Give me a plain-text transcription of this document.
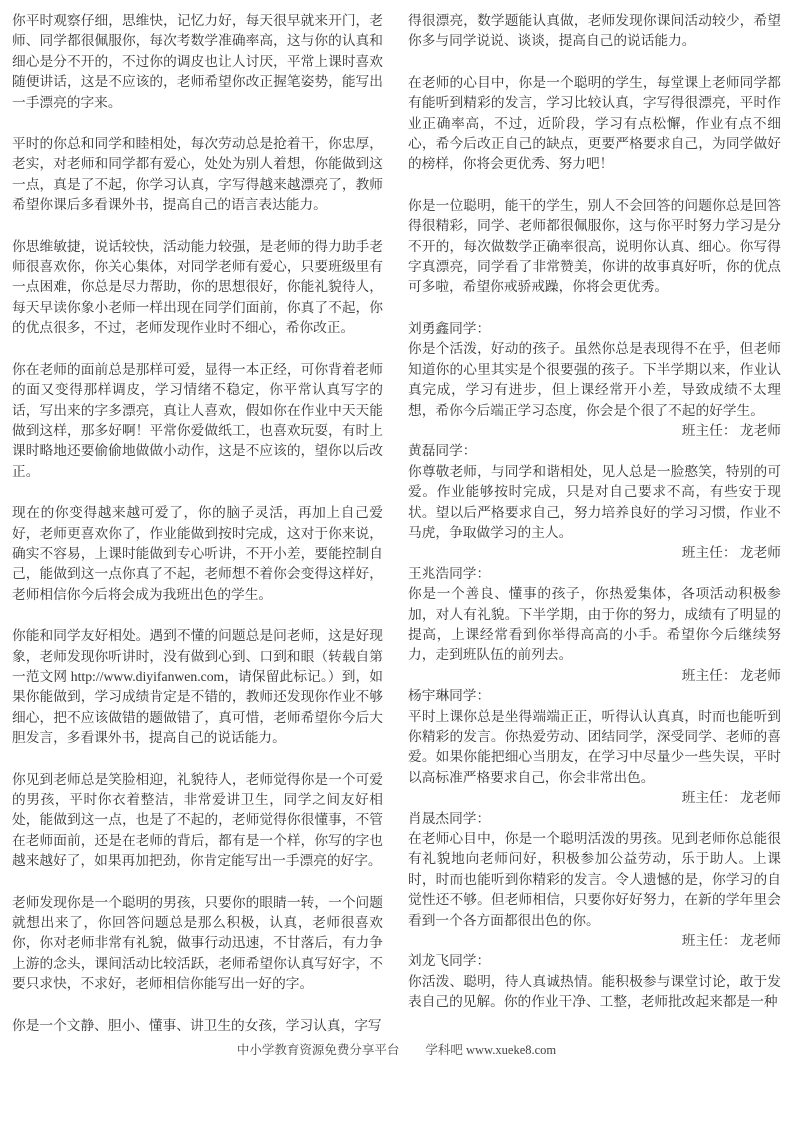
你平时观察仔细，思维快，记忆力好，每天很早就来开门，老师、同学都很佩服你，每次考数学准确率高，这与你的认真和细心是分不开的，不过你的调皮也让人讨厌，平常上课时喜欢随便讲话，这是不应该的，老师希望你改正握笔姿势，能写出一手漂亮的字来。

平时的你总和同学和睦相处，每次劳动总是抢着干，你忠厚，老实，对老师和同学都有爱心，处处为别人着想，你能做到这一点，真是了不起，你学习认真，字写得越来越漂亮了，教师希望你课后多看课外书，提高自己的语言表达能力。

你思维敏捷，说话较快，活动能力较强，是老师的得力助手老师很喜欢你，你关心集体，对同学老师有爱心，只要班级里有一点困难，你总是尽力帮助，你的思想很好，你能礼貌待人，每天早读你象小老师一样出现在同学们面前，你真了不起，你的优点很多，不过，老师发现作业时不细心，希你改正。

你在老师的面前总是那样可爱，显得一本正经，可你背着老师的面又变得那样调皮，学习情绪不稳定，你平常认真写字的话，写出来的字多漂亮，真让人喜欢，假如你在作业中天天能做到这样，那多好啊！平常你爱做纸工，也喜欢玩耍，有时上课时略地还要偷偷地做做小动作，这是不应该的，望你以后改正。

现在的你变得越来越可爱了，你的脑子灵活，再加上自己爱好，老师更喜欢你了，作业能做到按时完成，这对于你来说，确实不容易，上课时能做到专心听讲，不开小差，要能控制自己，能做到这一点你真了不起，老师想不着你会变得这样好，老师相信你今后将会成为我班出色的学生。

你能和同学友好相处。遇到不懂的问题总是问老师，这是好现象，老师发现你听讲时，没有做到心到、口到和眼（转载自第一范文网 http://www.diyifanwen.com，请保留此标记。）到，如果你能做到，学习成绩肯定是不错的，教师还发现你作业不够细心，把不应该做错的题做错了，真可惜，老师希望你今后大胆发言，多看课外书，提高自己的说话能力。

你见到老师总是笑脸相迎，礼貌待人，老师觉得你是一个可爱的男孩，平时你衣着整洁，非常爱讲卫生，同学之间友好相处，能做到这一点，也是了不起的，老师觉得你很懂事，不管在老师面前，还是在老师的背后，都有是一个样，你写的字也越来越好了，如果再加把劲，你肯定能写出一手漂亮的好字。

老师发现你是一个聪明的男孩，只要你的眼睛一转，一个问题就想出来了，你回答问题总是那么积极，认真，老师很喜欢你，你对老师非常有礼貌，做事行动迅速，不甘落后，有力争上游的念头，课间活动比较活跃，老师希望你认真写好字，不要只求快，不求好，老师相信你能写出一好的字。

你是一个文静、胆小、懂事、讲卫生的女孩，学习认真，字写

得很漂亮，数学题能认真做，老师发现你课间活动较少，希望你多与同学说说、谈谈，提高自己的说话能力。

在老师的心目中，你是一个聪明的学生，每堂课上老师同学都有能听到精彩的发言，学习比较认真，字写得很漂亮，平时作业正确率高，不过，近阶段，学习有点松懈，作业有点不细心，希今后改正自己的缺点，更要严格要求自己，为同学做好的榜样，你将会更优秀、努力吧！

你是一位聪明，能干的学生，别人不会回答的问题你总是回答得很精彩，同学、老师都很佩服你，这与你平时努力学习是分不开的，每次做数学正确率很高，说明你认真、细心。你写得字真漂亮，同学看了非常赞美，你讲的故事真好听，你的优点可多啦，希望你戒骄戒躁，你将会更优秀。

刘勇鑫同学：

你是个活泼，好动的孩子。虽然你总是表现得不在乎，但老师知道你的心里其实是个很要强的孩子。下半学期以来，作业认真完成，学习有进步，但上课经常开小差，导致成绩不太理想，希你今后端正学习态度，你会是个很了不起的好学生。

班主任： 龙老师
黄磊同学：

你尊敬老师，与同学和谐相处，见人总是一脸憨笑，特别的可爱。作业能够按时完成，只是对自己要求不高，有些安于现状。望以后严格要求自己，努力培养良好的学习习惯，作业不马虎，争取做学习的主人。

班主任： 龙老师
王兆浩同学：

你是一个善良、懂事的孩子，你热爱集体，各项活动积极参加，对人有礼貌。下半学期，由于你的努力，成绩有了明显的提高，上课经常看到你举得高高的小手。希望你今后继续努力，走到班队伍的前列去。

班主任： 龙老师
杨宇琳同学：

平时上课你总是坐得端端正正，听得认认真真，时而也能听到你精彩的发言。你热爱劳动、团结同学，深受同学、老师的喜爱。如果你能把细心当朋友，在学习中尽量少一些失误，平时以高标准严格要求自己，你会非常出色。

班主任： 龙老师
肖晟杰同学：

在老师心目中，你是一个聪明活泼的男孩。见到老师你总能很有礼貌地向老师问好，积极参加公益劳动，乐于助人。上课时，时而也能听到你精彩的发言。令人遗憾的是，你学习的自觉性还不够。但老师相信，只要你好好努力，在新的学年里会看到一个各方面都很出色的你。

班主任： 龙老师
刘龙飞同学：

你活泼、聪明，待人真诚热情。能积极参与课堂讨论，敢于发表自己的见解。你的作业干净、工整，老师批改起来都是一种

中小学教育资源免费分享平台 学科吧 www.xueke8.com
